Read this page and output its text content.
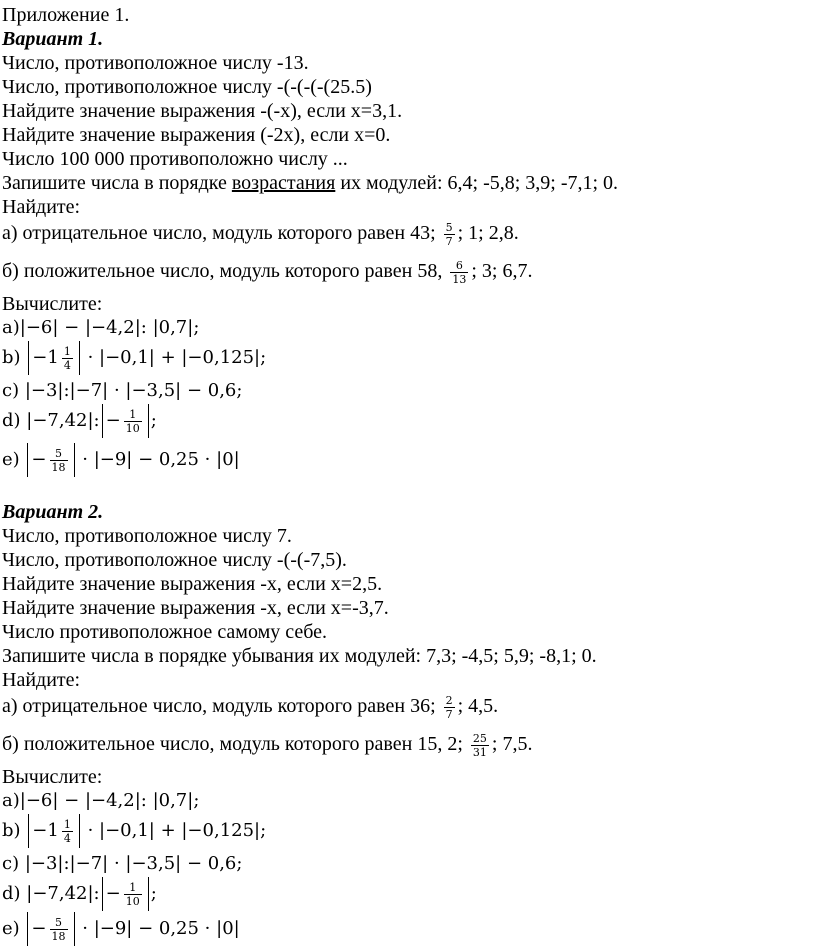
Приложение 1.
Вариант 1.
Число, противоположное числу -13.
Число, противоположное числу -(-(-(-(25.5)
Найдите значение выражения -(-x), если x=3,1.
Найдите значение выражения (-2x), если x=0.
Число 100 000 противоположно числу ...
Запишите числа в порядке возрастания их модулей: 6,4; -5,8; 3,9; -7,1; 0.
Найдите:
а) отрицательное число, модуль которого равен 43; $\frac{5}{7}$ ; 1; 2,8.
б) положительное число, модуль которого равен 58, $\frac{6}{13}$ ; 3; 6,7.
Вычислите:
а)|−6| − |−4,2|: |0,7|;
$b) -1 \frac{1}{4} \cdot |-0,1| + |-0,125|$;
c) |−3|:|−7| · |−3,5| − 0,6;
d) |−7,42|: − $\frac{1}{10}$ ;
$e) - \frac{5}{18} \cdot |-9| - 0,25 \cdot |0|$
Вариант 2.
Число, противоположное числу 7.
Число, противоположное числу -(-(-7,5).
Найдите значение выражения -x, если x=2,5.
Найдите значение выражения -x, если x=-3,7.
Число противоположное самому себе.
Запишите числа в порядке убывания их модулей: 7,3; -4,5; 5,9; -8,1; 0.
Найдите:
а) отрицательное число, модуль которого равен 36; $\frac{2}{7}$ ; 4,5.
б) положительное число, модуль которого равен 15, 2; $\frac{25}{31}$ ; 7,5.
Вычислите:
а)|−6| − |−4,2|: |0,7|;
$b) -1 \frac{1}{4} \cdot |-0,1| + |-0,125|$;
c) |−3|:|−7| · |−3,5| − 0,6;
d) |−7,42|: − $\frac{1}{10}$ ;
$e) - \frac{5}{18} \cdot |-9| - 0,25 \cdot |0|$
